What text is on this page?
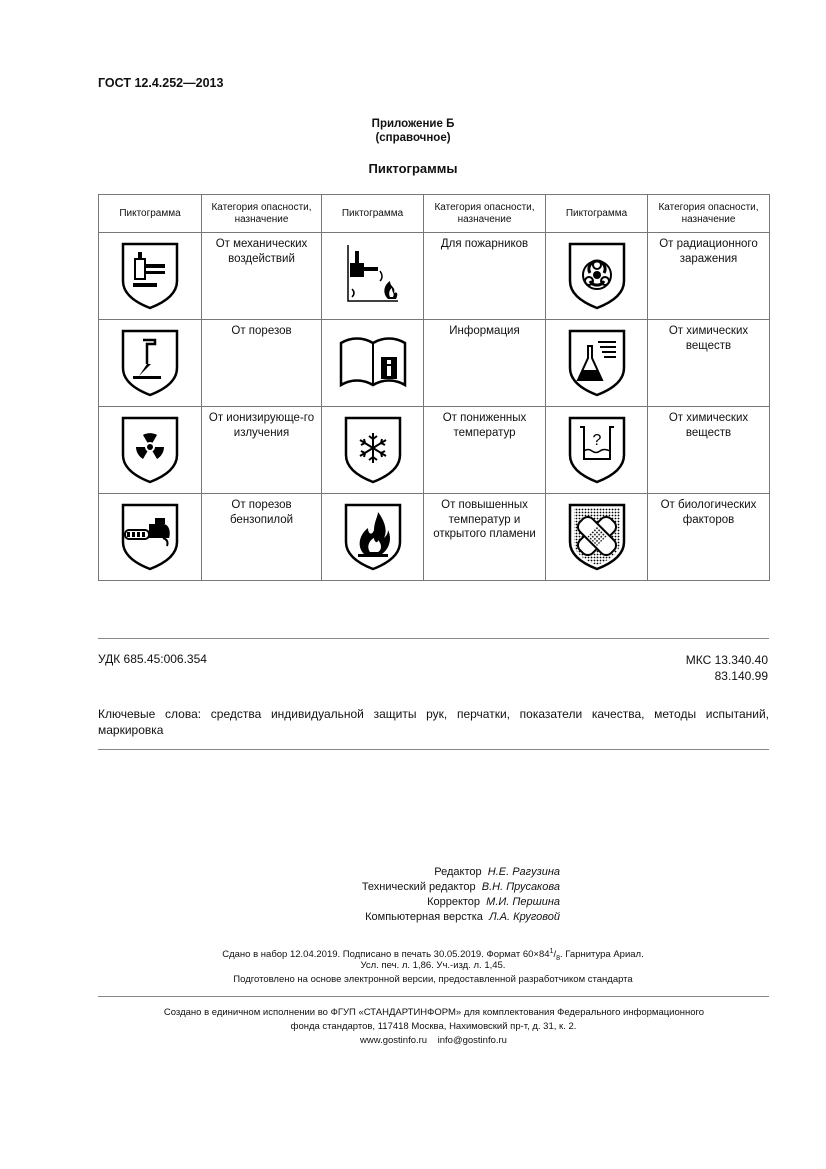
ГОСТ 12.4.252—2013
Приложение Б
(справочное)
Пиктограммы
Пиктограмма	Категория опасности, назначение	Пиктограмма	Категория опасности, назначение	Пиктограмма	Категория опасности, назначение

От механических воздействий		Для пожарников		От радиационного заражения

От порезов		Информация		От химических веществ

От ионизирующе-го излучения		От пониженных температур	?	От химических веществ

От порезов бензопилой		От повышенных температур и открытого пламени		От биологических факторов
УДК 685.45:006.354	МКС 13.340.40
83.140.99
Ключевые слова: средства индивидуальной защиты рук, перчатки, показатели качества, методы испытаний, маркировка
Редактор Н.Е. Рагузина
Технический редактор В.Н. Прусакова
Корректор М.И. Першина
Компьютерная верстка Л.А. Круговой
Сдано в набор 12.04.2019. Подписано в печать 30.05.2019. Формат $60\times 84^1/_8$. Гарнитура Ариал.
Усл. печ. л. 1,86. Уч.-изд. л. 1,45.
Подготовлено на основе электронной версии, предоставленной разработчиком стандарта
Создано в единичном исполнении во ФГУП «СТАНДАРТИНФОРМ» для комплектования Федерального информационного
фонда стандартов, 117418 Москва, Нахимовский пр-т, д. 31, к. 2.
www.gostinfo.ru info@gostinfo.ru
